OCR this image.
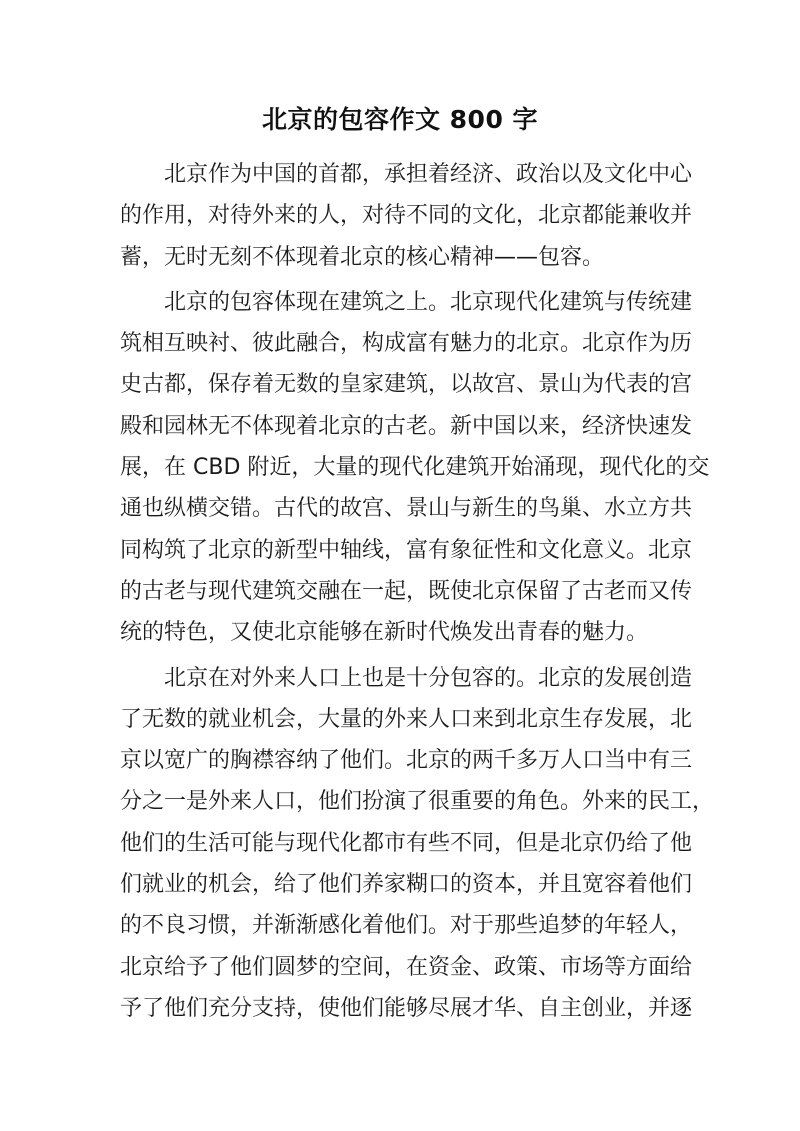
北京的包容作文 800 字
北京作为中国的首都，承担着经济、政治以及文化中心
的作用，对待外来的人，对待不同的文化，北京都能兼收并
蓄，无时无刻不体现着北京的核心精神——包容。
北京的包容体现在建筑之上。北京现代化建筑与传统建
筑相互映衬、彼此融合，构成富有魅力的北京。北京作为历
史古都，保存着无数的皇家建筑，以故宫、景山为代表的宫
殿和园林无不体现着北京的古老。新中国以来，经济快速发
展，在 CBD 附近，大量的现代化建筑开始涌现，现代化的交
通也纵横交错。古代的故宫、景山与新生的鸟巢、水立方共
同构筑了北京的新型中轴线，富有象征性和文化意义。北京
的古老与现代建筑交融在一起，既使北京保留了古老而又传
统的特色，又使北京能够在新时代焕发出青春的魅力。
北京在对外来人口上也是十分包容的。北京的发展创造
了无数的就业机会，大量的外来人口来到北京生存发展，北
京以宽广的胸襟容纳了他们。北京的两千多万人口当中有三
分之一是外来人口，他们扮演了很重要的角色。外来的民工，
他们的生活可能与现代化都市有些不同，但是北京仍给了他
们就业的机会，给了他们养家糊口的资本，并且宽容着他们
的不良习惯，并渐渐感化着他们。对于那些追梦的年轻人，
北京给予了他们圆梦的空间，在资金、政策、市场等方面给
予了他们充分支持，使他们能够尽展才华、自主创业，并逐
